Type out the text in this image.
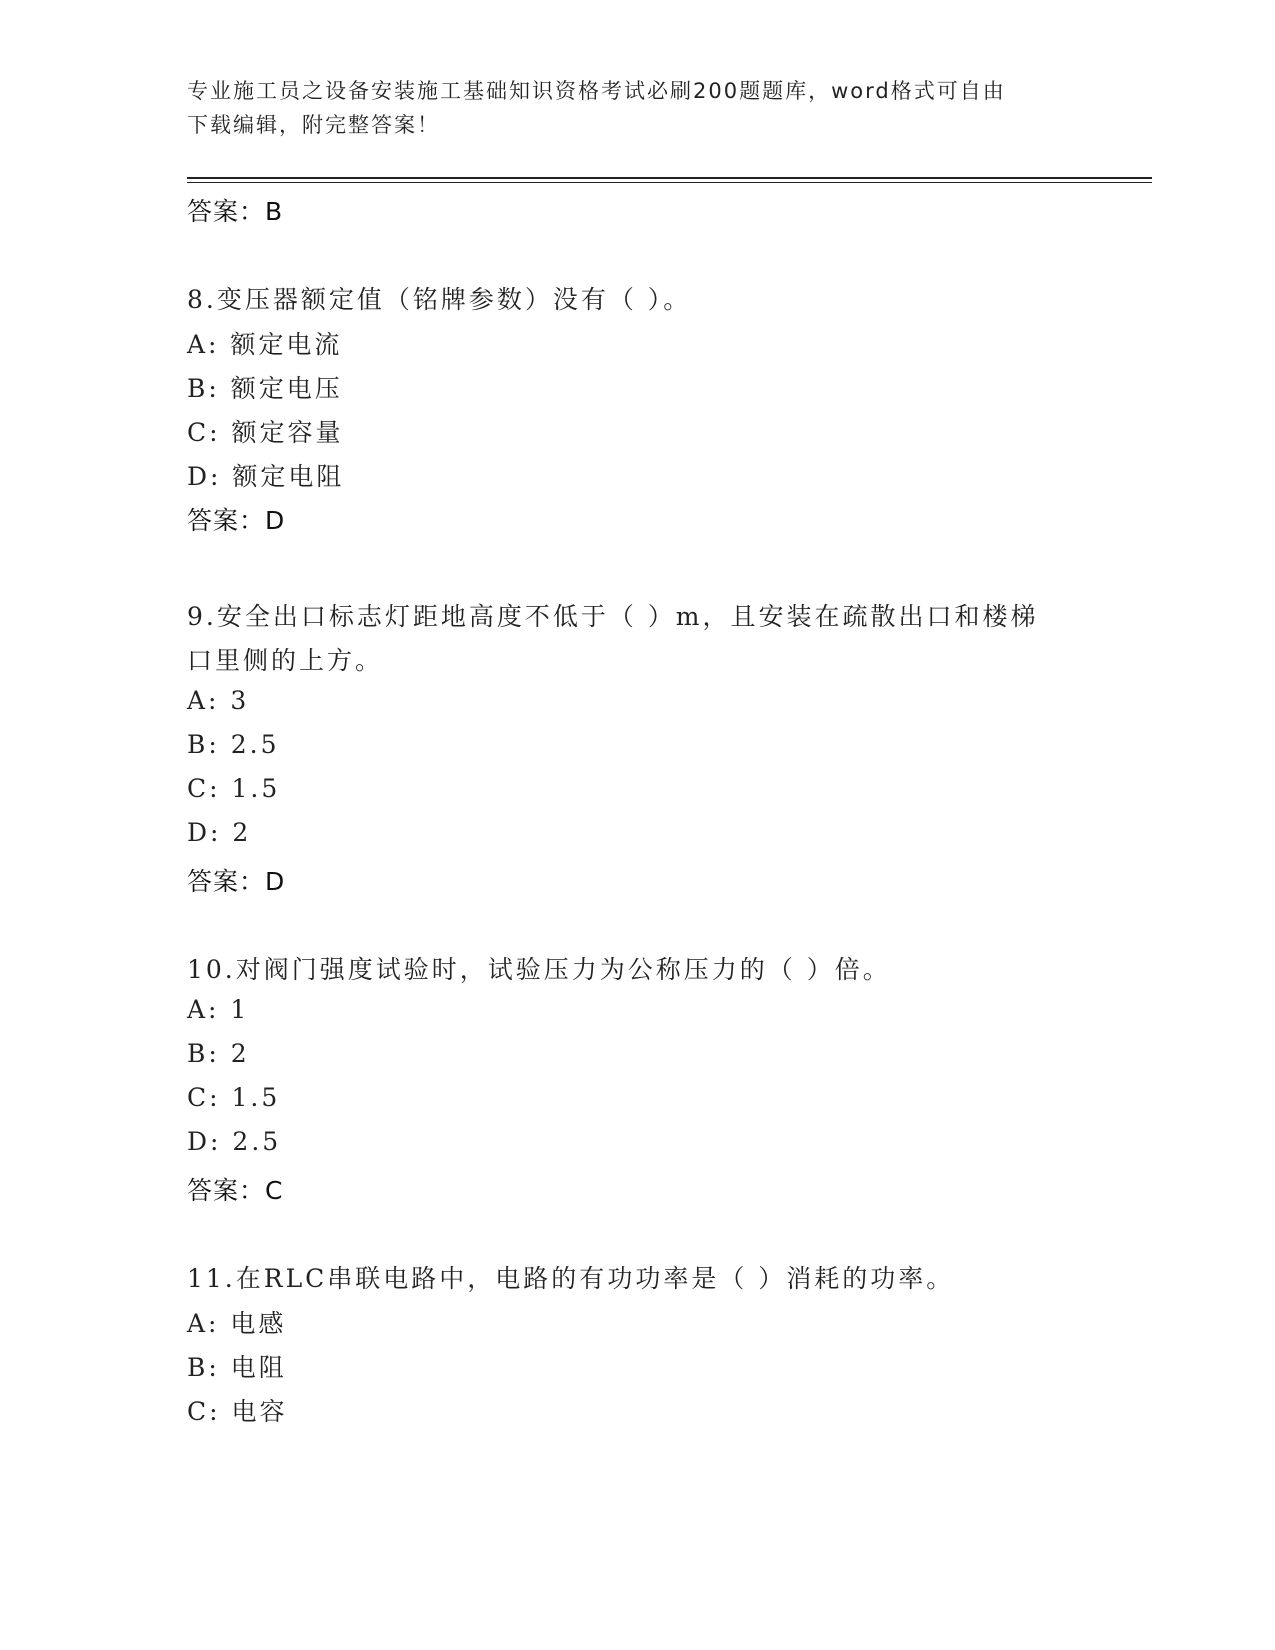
专业施工员之设备安装施工基础知识资格考试必刷200题题库，word格式可自由
下载编辑，附完整答案！
答案：B
8.变压器额定值（铭牌参数）没有（ ）。
A: 额定电流
B: 额定电压
C: 额定容量
D: 额定电阻
答案：D
9.安全出口标志灯距地高度不低于（ ）m，且安装在疏散出口和楼梯
口里侧的上方。
A: 3
B: 2.5
C: 1.5
D: 2
答案：D
10.对阀门强度试验时，试验压力为公称压力的（ ）倍。
A: 1
B: 2
C: 1.5
D: 2.5
答案：C
11.在RLC串联电路中，电路的有功功率是（ ）消耗的功率。
A: 电感
B: 电阻
C: 电容
